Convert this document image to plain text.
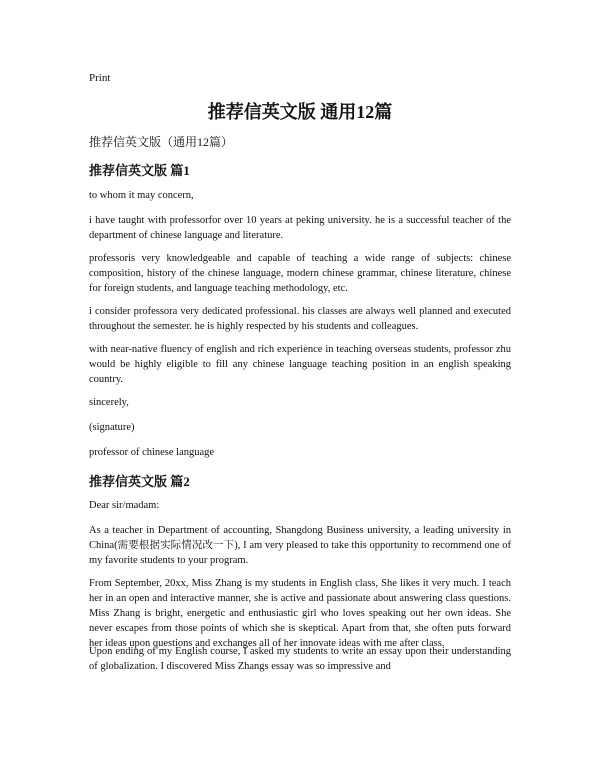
Print
推荐信英文版 通用12篇
推荐信英文版（通用12篇）
推荐信英文版 篇1
to whom it may concern,
i have taught with professorfor over 10 years at peking university. he is a successful teacher of the department of chinese language and literature.
professoris very knowledgeable and capable of teaching a wide range of subjects: chinese composition, history of the chinese language, modern chinese grammar, chinese literature, chinese for foreign students, and language teaching methodology, etc.
i consider professora very dedicated professional. his classes are always well planned and executed throughout the semester. he is highly respected by his students and colleagues.
with near-native fluency of english and rich experience in teaching overseas students, professor zhu would be highly eligible to fill any chinese language teaching position in an english speaking country.
sincerely,
(signature)
professor of chinese language
推荐信英文版 篇2
Dear sir/madam:
As a teacher in Department of accounting, Shangdong Business university, a leading university in China(需要根据实际情况改一下), I am very pleased to take this opportunity to recommend one of my favorite students to your program.
From September, 20xx, Miss Zhang is my students in English class, She likes it very much. I teach her in an open and interactive manner, she is active and passionate about answering class questions. Miss Zhang is bright, energetic and enthusiastic girl who loves speaking out her own ideas. She never escapes from those points of which she is skeptical. Apart from that, she often puts forward her ideas upon questions and exchanges all of her innovate ideas with me after class.
Upon ending of my English course, I asked my students to write an essay upon their understanding of globalization. I discovered Miss Zhangs essay was so impressive and
